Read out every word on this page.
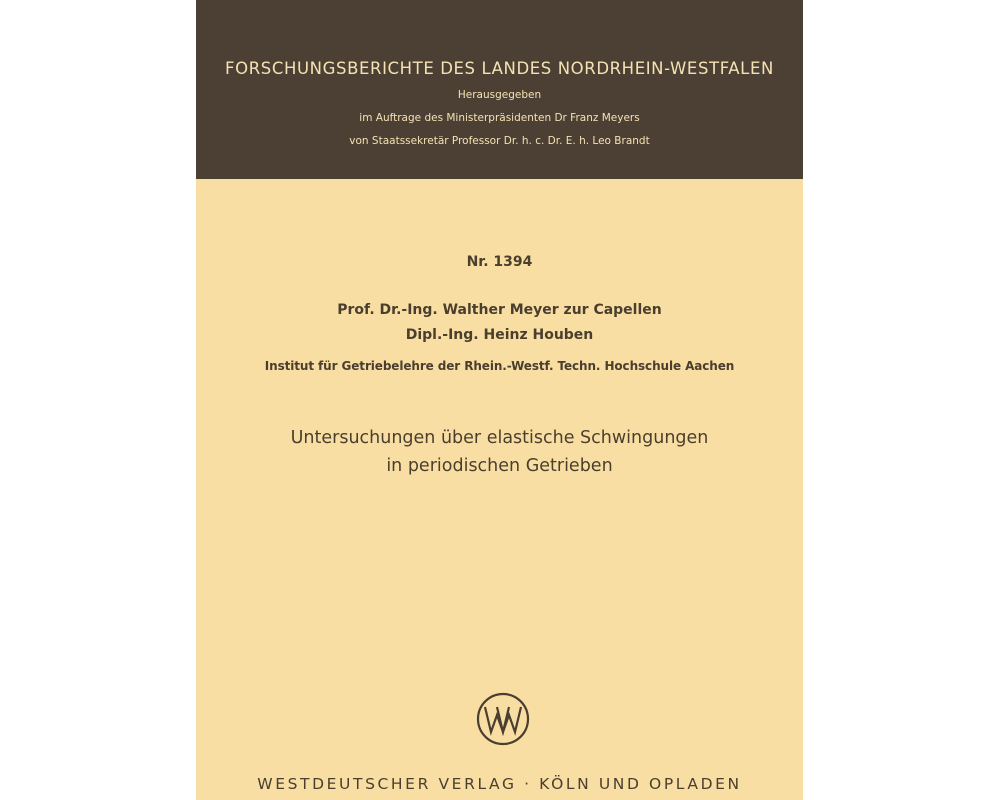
FORSCHUNGSBERICHTE DES LANDES NORDRHEIN-WESTFALEN
Herausgegeben
im Auftrage des Ministerpräsidenten Dr Franz Meyers
von Staatssekretär Professor Dr. h. c. Dr. E. h. Leo Brandt
Nr. 1394
Prof. Dr.-Ing. Walther Meyer zur Capellen
Dipl.-Ing. Heinz Houben
Institut für Getriebelehre der Rhein.-Westf. Techn. Hochschule Aachen
Untersuchungen über elastische Schwingungen
in periodischen Getrieben
WESTDEUTSCHER VERLAG · KÖLN UND OPLADEN
